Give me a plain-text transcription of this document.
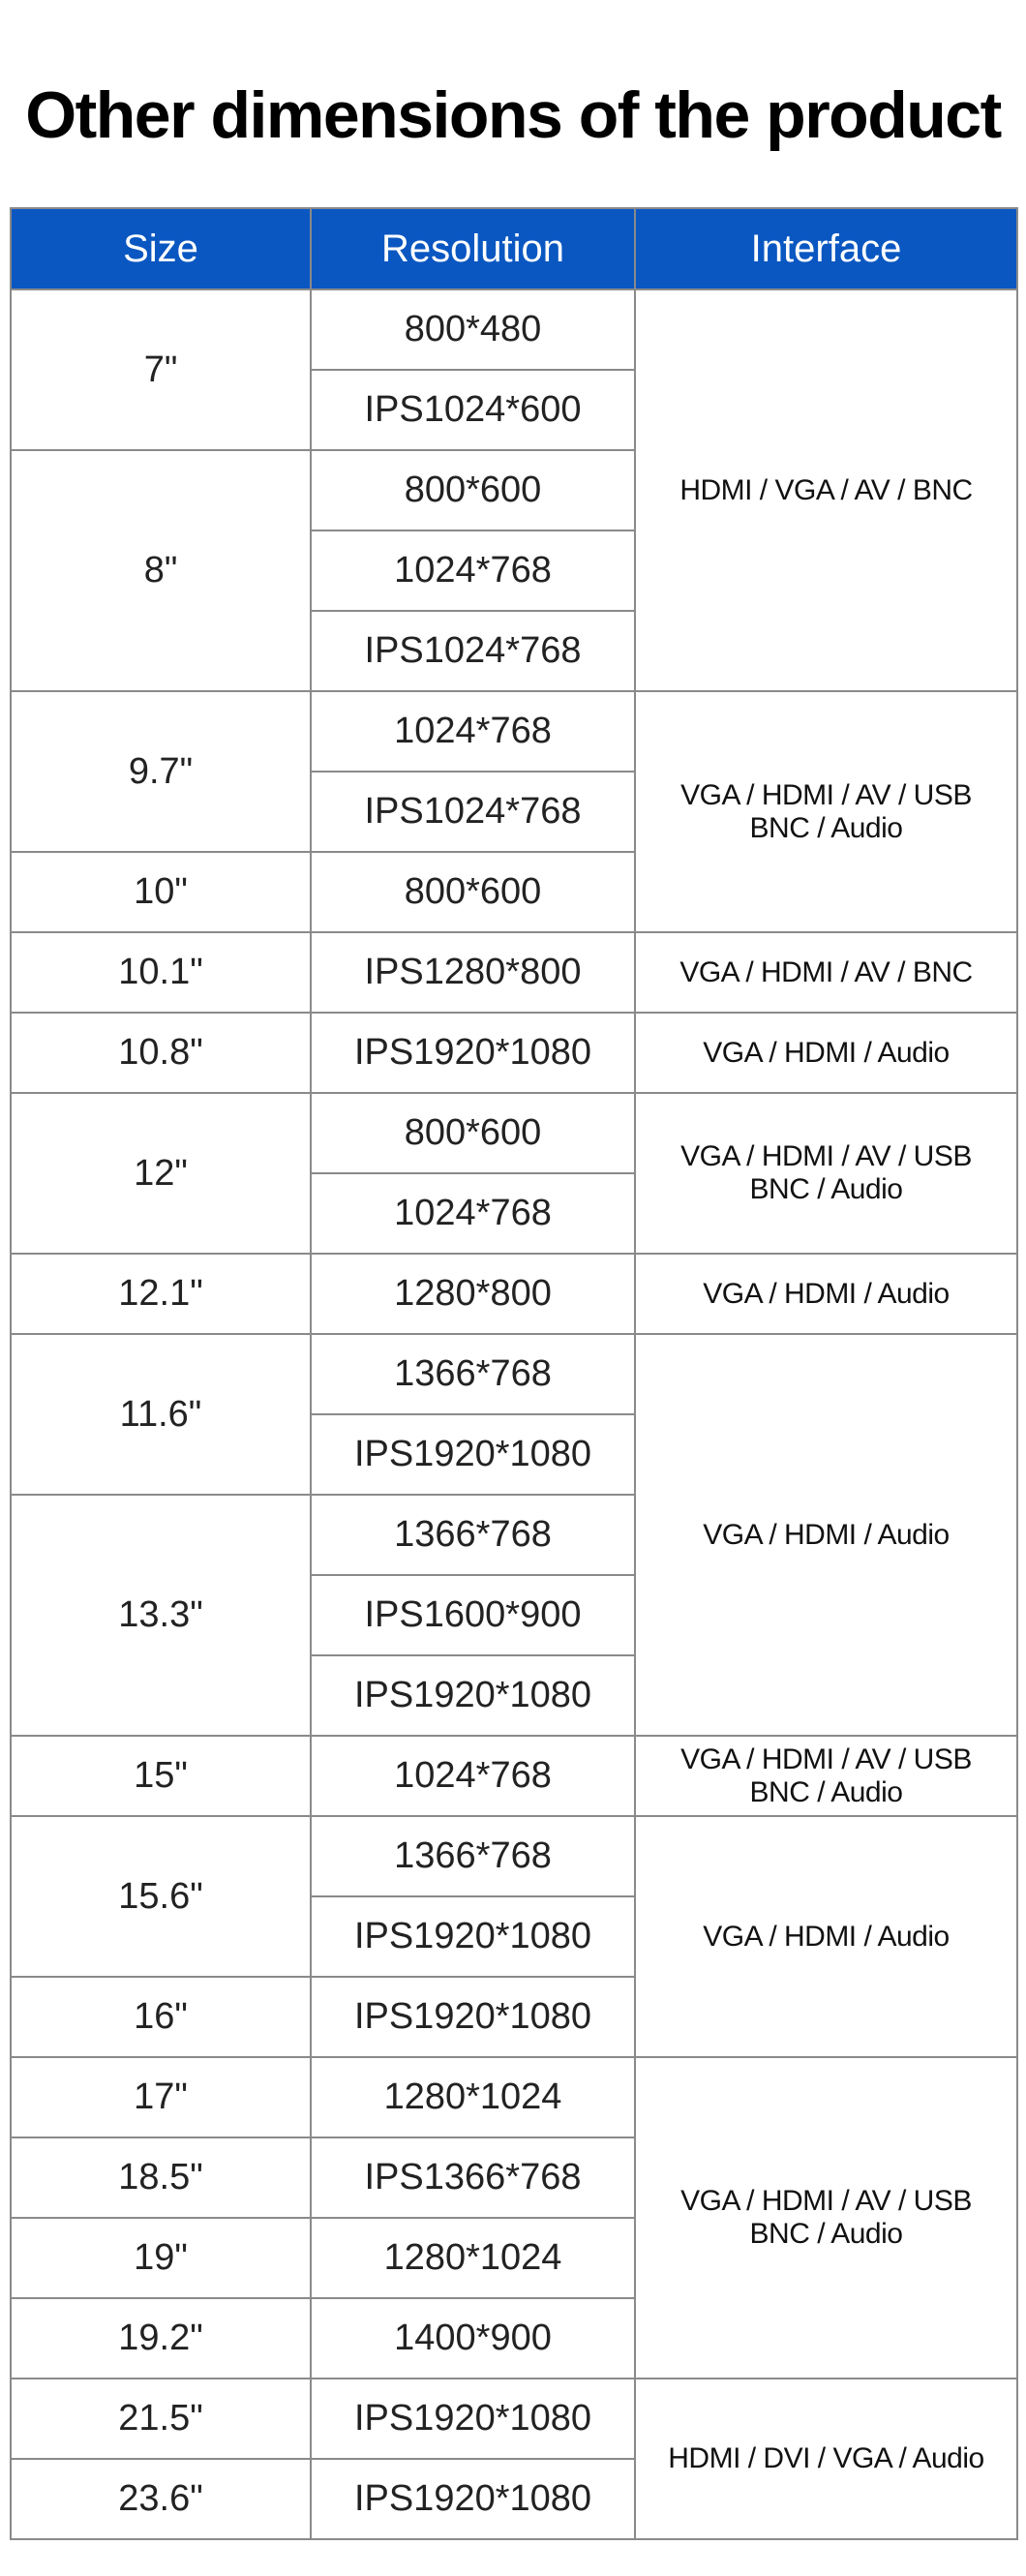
Other dimensions of the product
Size	Resolution	Interface
7"	800*480	HDMI / VGA / AV / BNC

	IPS1024*600	
8"	800*600	
	1024*768	
	IPS1024*768	
9.7"	1024*768	VGA / HDMI / AV / USB
BNC / Audio

	IPS1024*768	
10"	800*600	
10.1"	IPS1280*800	VGA / HDMI / AV / BNC

10.8"	IPS1920*1080	VGA / HDMI / Audio

12"	800*600	VGA / HDMI / AV / USB
BNC / Audio

	1024*768	
12.1"	1280*800	VGA / HDMI / Audio

11.6"	1366*768	VGA / HDMI / Audio

	IPS1920*1080	
13.3"	1366*768	
	IPS1600*900	
	IPS1920*1080	
15"	1024*768	VGA / HDMI / AV / USB
BNC / Audio

15.6"	1366*768	VGA / HDMI / Audio

	IPS1920*1080	
16"	IPS1920*1080	
17"	1280*1024	VGA / HDMI / AV / USB
BNC / Audio

18.5"	IPS1366*768	
19"	1280*1024	
19.2"	1400*900	
21.5"	IPS1920*1080	HDMI / DVI / VGA / Audio

23.6"	IPS1920*1080	
